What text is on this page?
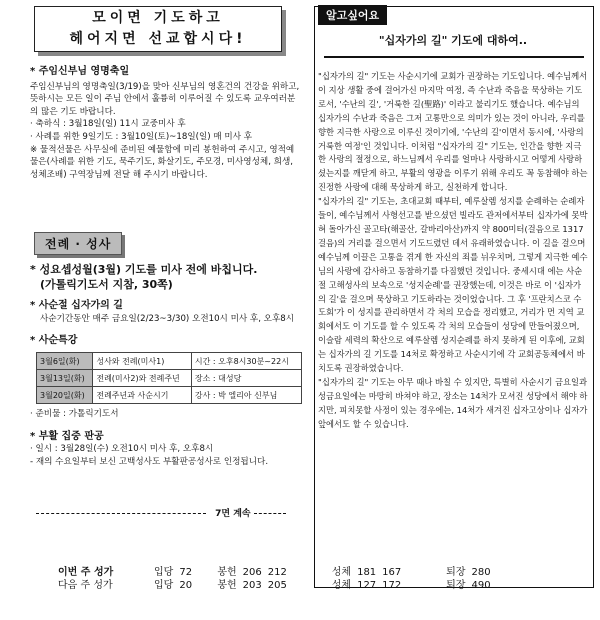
모이면 기도하고
헤어지면 선교합시다!

* 주임신부님 영명축일

주임신부님의 영명축일(3/19)을 맞아 신부님의 영혼건의 건강을 위하고, 뜻하시는 모든 일이 주님 안에서 훌륭히 이루어질 수 있도록 교우여러분의 많은 기도 바랍니다.

· 축하식 : 3월18일(일) 11시 교중미사 후

· 사례를 위한 9일기도 : 3월10일(토)~18일(일) 매 미사 후

※ 물적선물은 사무실에 준비된 예물함에 미리 봉헌하여 주시고, 영적예물은(사례를 위한 기도, 묵주기도, 화살기도, 주모경, 미사영성체, 희생, 성체조배) 구역장님께 전달 해 주시기 바랍니다.

전례 · 성사

* 성요셉성월(3월) 기도를 미사 전에 바칩니다.

(가톨릭기도서 지참, 30쪽)

* 사순절 십자가의 길

사순기간동안 매주 금요일(2/23~3/30) 오전10시 미사 후, 오후8시

* 사순특강

3월6일(화)	성사와 전례(미사1)	시간 : 오후8시30분~22시
3월13일(화)	전례(미사2)와 전례주년	장소 : 대성당
3월20일(화)	전례주년과 사순시기	강사 : 박 엘리아 신부님

· 준비물 : 가톨릭기도서

* 부활 집중 판공

· 일시 : 3월28일(수) 오전10시 미사 후, 오후8시

- 재의 수요일부터 보신 고백성사도 부활판공성사로 인정됩니다.

7면 계속
알고싶어요
"십자가의 길" 기도에 대하여..

"십자가의 길" 기도는 사순시기에 교회가 권장하는 기도입니다. 예수님께서 이 지상 생활 중에 걸어가신 마지막 여정, 즉 수난과 죽음을 묵상하는 기도로서, '수난의 길', '거룩한 길(聖路)' 이라고 불리기도 했습니다. 예수님의 십자가의 수난과 죽음은 그저 고통만으로 의미가 있는 것이 아니라, 우리를 향한 지극한 사랑으로 이루신 것이기에, '수난의 길'이면서 동시에, '사랑의 거룩한 여정'인 것입니다. 이처럼 "십자가의 길" 기도는, 인간을 향한 지극한 사랑의 절정으로, 하느님께서 우리를 얼마나 사랑하시고 어떻게 사랑하셨는지를 깨닫게 하고, 부활의 영광을 이루기 위해 우리도 꼭 동참해야 하는 진정한 사랑에 대해 묵상하게 하고, 실천하게 합니다.

"십자가의 길" 기도는, 초대교회 때부터, 예루살렘 성지를 순례하는 순례자들이, 예수님께서 사형선고를 받으셨던 빌라도 관저에서부터 십자가에 못박혀 돌아가신 골고타(해골산, 갈바리아산)까지 약 800미터(걸음으로 1317걸음)의 거리를 걸으면서 기도드렸던 데서 유래하였습니다. 이 길을 걸으며 예수님께 이끌은 고통을 겪게 한 자신의 죄를 뉘우치며, 그렇게 지극한 예수님의 사랑에 감사하고 동참하기를 다짐했던 것입니다. 중세시대 에는 사순절 고해성사의 보속으로 '성지순례'를 권장했는데, 이것은 바로 이 '십자가의 길'을 걸으며 묵상하고 기도하라는 것이었습니다. 그 후 '프란치스코 수도회'가 이 성지를 관리하면서 각 처의 모습을 정리했고, 거리가 먼 지역 교회에서도 이 기도를 할 수 있도록 각 처의 모습들이 성당에 만들어졌으며, 이슬람 세력의 확산으로 예루살렘 성지순례를 하지 못하게 된 이후에, 교회는 십자가의 길 기도를 14처로 확정하고 사순시기에 각 교회공동체에서 바치도록 권장하였습니다.

"십자가의 길" 기도는 아무 때나 바칠 수 있지만, 특별히 사순시기 금요일과 성금요일에는 마땅히 바쳐야 하고, 장소는 14처가 모셔진 성당에서 해야 하지만, 피치못할 사정이 있는 경우에는, 14처가 새겨진 십자고상이나 십자가 앞에서도 할 수 있습니다.

이번 주 성가	입당	72	봉헌	206	212	성체	181	167	퇴장	280
다음 주 성가	입당	20	봉헌	203	205	성체	127	172	퇴장	490
